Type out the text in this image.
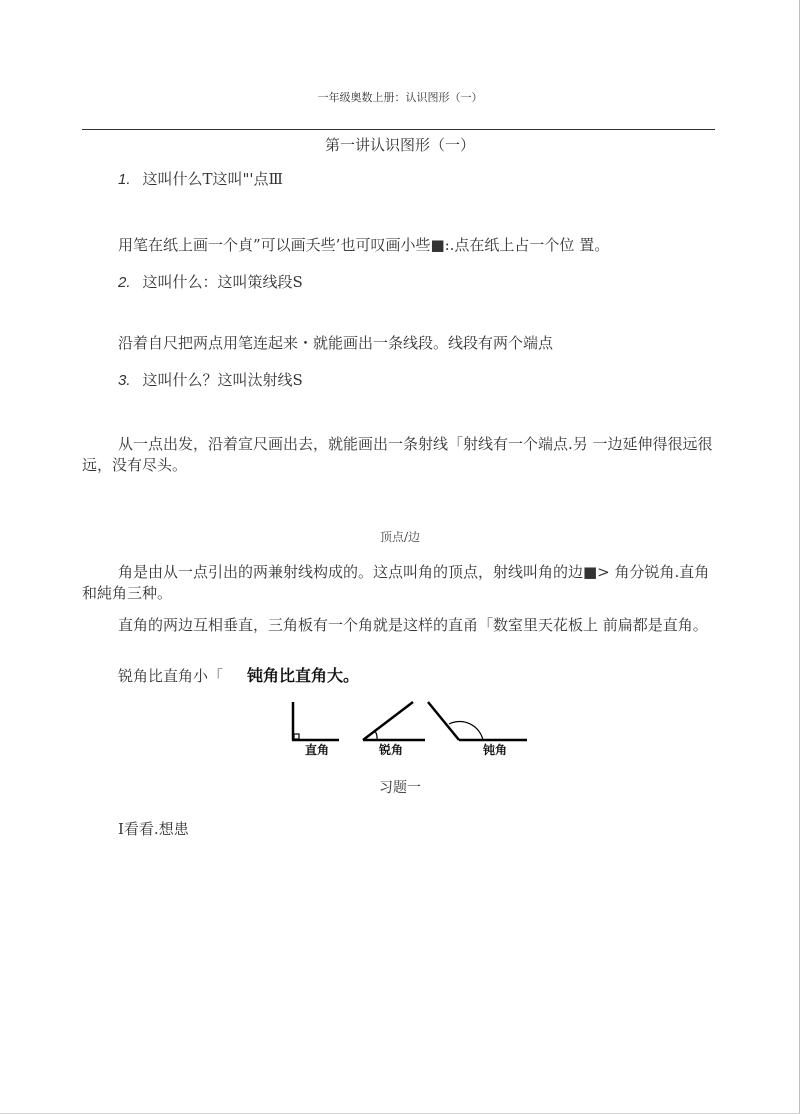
一年级奥数上册：认识图形（一）
第一讲认识图形（一）
1. 这叫什么T这叫"'点Ⅲ
用笔在纸上画一个貞”可以画夭些’也可叹画小些■:.点在纸上占一个位 置。
2. 这叫什么：这叫策线段S
沿着自尺把两点用笔连起来・就能画出一条线段。线段有两个端点
3. 这叫什么？这叫汰射线S
从一点出发，沿着宣尺画出去，就能画出一条射线「射线有一个端点.另 一边延伸得很远很远，没有尽头。
顶点/边
角是由从一点引出的两兼射线构成的。这点叫角的顶点，射线叫角的边■> 角分锐角.直角和純角三种。
直角的两边互相垂直，三角板有一个角就是这样的直甬「数室里天花板上 前扁都是直角。
锐角比直角小「 钝角比直角大。
直角	锐角	钝角
习题一
I看看.想患
